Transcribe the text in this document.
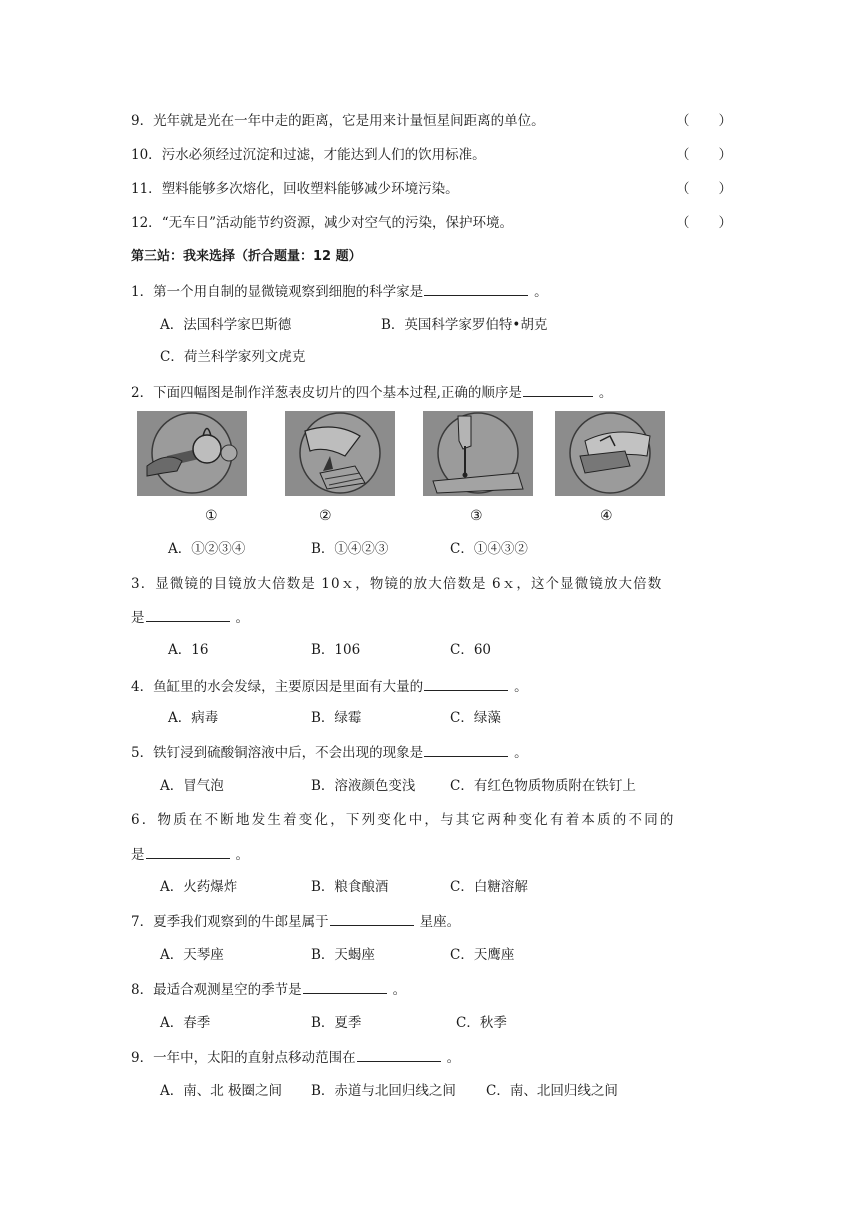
9．光年就是光在一年中走的距离，它是用来计量恒星间距离的单位。	（ ）
10．污水必须经过沉淀和过滤，才能达到人们的饮用标准。	（ ）
11．塑料能够多次熔化，回收塑料能够减少环境污染。	（ ）
12．“无车日”活动能节约资源，减少对空气的污染，保护环境。	（ ）
第三站：我来选择（折合题量：12 题）
1．第一个用自制的显微镜观察到细胞的科学家是	。
A．法国科学家巴斯德	B．英国科学家罗伯特•胡克
C．荷兰科学家列文虎克
2．下面四幅图是制作洋葱表皮切片的四个基本过程,正确的顺序是	。
①	②	③	④
A．①②③④	B．①④②③	C．①④③②
3．显微镜的目镜放大倍数是 10ｘ，物镜的放大倍数是 6ｘ，这个显微镜放大倍数
是	。
A．16	B．106	C．60
4．鱼缸里的水会发绿，主要原因是里面有大量的	。
A．病毒	B．绿霉	C．绿藻
5．铁钉浸到硫酸铜溶液中后，不会出现的现象是	。
A．冒气泡	B．溶液颜色变浅	C．有红色物质物质附在铁钉上
6．物质在不断地发生着变化，下列变化中，与其它两种变化有着本质的不同的
是	。
A．火药爆炸	B．粮食酿酒	C．白糖溶解
7．夏季我们观察到的牛郎星属于	星座。
A．天琴座	B．天蝎座	C．天鹰座
8．最适合观测星空的季节是	。
A．春季	B．夏季	C．秋季
9．一年中，太阳的直射点移动范围在	。
A．南、北 极圈之间 B．赤道与北回归线之间 C．南、北回归线之间
